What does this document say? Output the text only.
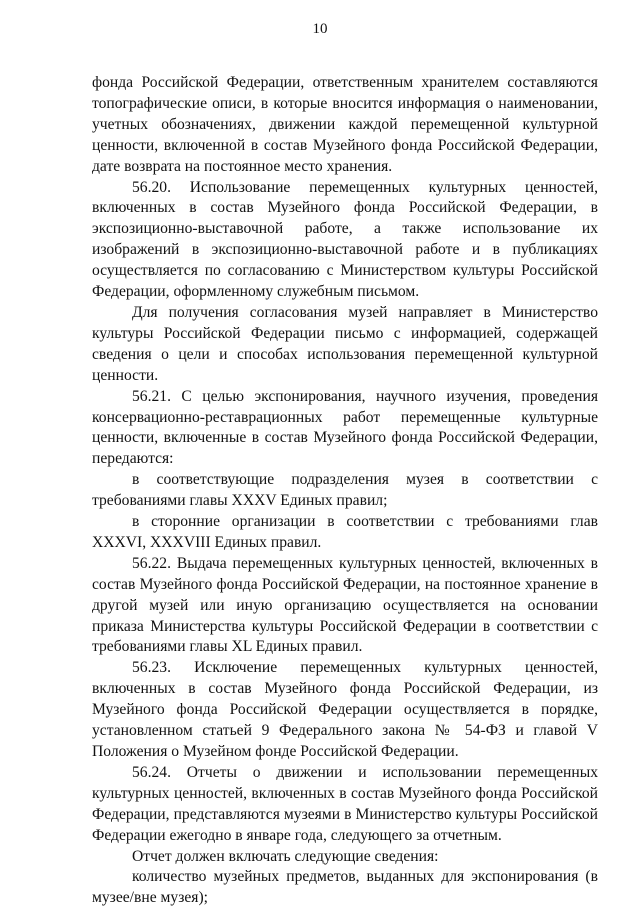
10

фонда Российской Федерации, ответственным хранителем составляются топографические описи, в которые вносится информация о наименовании, учетных обозначениях, движении каждой перемещенной культурной ценности, включенной в состав Музейного фонда Российской Федерации, дате возврата на постоянное место хранения.

56.20. Использование перемещенных культурных ценностей, включенных в состав Музейного фонда Российской Федерации, в экспозиционно-выставочной работе, а также использование их изображений в экспозиционно-выставочной работе и в публикациях осуществляется по согласованию с Министерством культуры Российской Федерации, оформленному служебным письмом.

Для получения согласования музей направляет в Министерство культуры Российской Федерации письмо с информацией, содержащей сведения о цели и способах использования перемещенной культурной ценности.

56.21. С целью экспонирования, научного изучения, проведения консервационно-реставрационных работ перемещенные культурные ценности, включенные в состав Музейного фонда Российской Федерации, передаются:

в соответствующие подразделения музея в соответствии с требованиями главы XXXV Единых правил;

в сторонние организации в соответствии с требованиями глав XXXVI, XXXVIII Единых правил.

56.22. Выдача перемещенных культурных ценностей, включенных в состав Музейного фонда Российской Федерации, на постоянное хранение в другой музей или иную организацию осуществляется на основании приказа Министерства культуры Российской Федерации в соответствии с требованиями главы XL Единых правил.

56.23. Исключение перемещенных культурных ценностей, включенных в состав Музейного фонда Российской Федерации, из Музейного фонда Российской Федерации осуществляется в порядке, установленном статьей 9 Федерального закона № 54-ФЗ и главой V Положения о Музейном фонде Российской Федерации.

56.24. Отчеты о движении и использовании перемещенных культурных ценностей, включенных в состав Музейного фонда Российской Федерации, представляются музеями в Министерство культуры Российской Федерации ежегодно в январе года, следующего за отчетным.

Отчет должен включать следующие сведения:

количество музейных предметов, выданных для экспонирования (в музее/вне музея);
